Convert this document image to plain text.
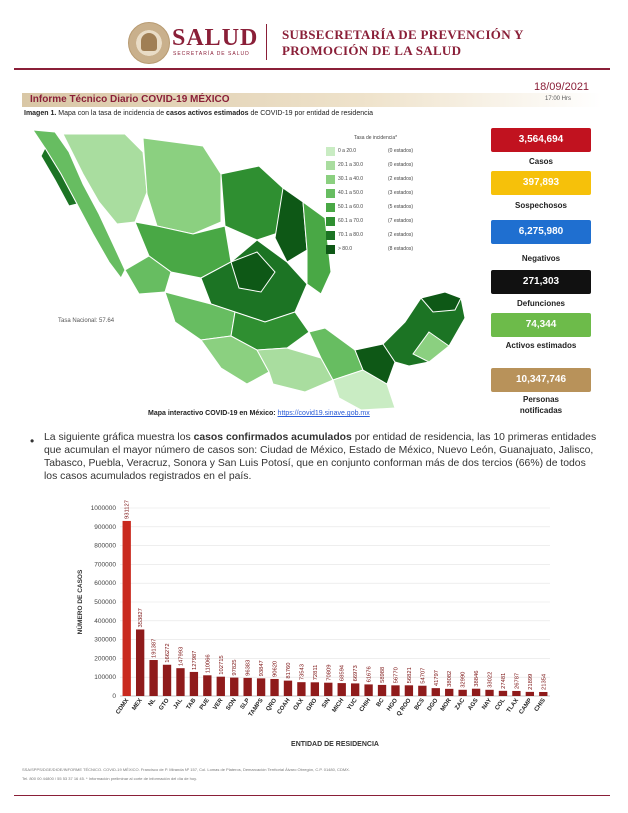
SALUD
SECRETARÍA DE SALUD
SUBSECRETARÍA DE PREVENCIÓN Y
PROMOCIÓN DE LA SALUD
Informe Técnico Diario COVID-19 MÉXICO
18/09/2021
17:00 Hrs
Imagen 1. Mapa con la tasa de incidencia de casos activos estimados de COVID-19 por entidad de residencia
Tasa de incidencia*
0 a 20.0	(0 estados)
20.1 a 30.0	(0 estados)
30.1 a 40.0	(2 estados)
40.1 a 50.0	(3 estados)
50.1 a 60.0	(5 estados)
60.1 a 70.0	(7 estados)
70.1 a 80.0	(2 estados)
> 80.0	(8 estados)
Tasa Nacional: 57.64
3,564,694
Casos
397,893
Sospechosos
6,275,980
Negativos
271,303
Defunciones
74,344
Activos estimados
10,347,746
Personas notificadas
Mapa interactivo COVID-19 en México: https://covid19.sinave.gob.mx
• La siguiente gráfica muestra los casos confirmados acumulados por entidad de residencia, las 10 primeras entidades que acumulan el mayor número de casos son: Ciudad de México, Estado de México, Nuevo León, Guanajuato, Jalisco, Tabasco, Puebla, Veracruz, Sonora y San Luis Potosí, que en conjunto conforman más de dos tercios (66%) de todos los casos acumulados registrados en el país.
0
100000
200000
300000
400000
500000
600000
700000
800000
900000
1000000
NÚMERO DE CASOS
ENTIDAD DE RESIDENCIA
931127
CDMX
353827
MEX
191387
NL
166272
GTO
147993
JAL
127987
TAB
110066
PUE
102715
VER
97825
SON
96383
SLP
93847
TAMPS
90620
QRO
81760
COAH
73543
OAX
72811
GRO
70809
SIN
68594
MICH
66973
YUC
61676
CHIH
58988
BC
56770
HGO
56821
Q ROO
54707
BCS
41797
DGO
38082
MOR
32990
ZAC
38846
AGS
33022
NAY
27481
COL
26787
TLAX
21899
CAMP
21354
CHIS
SSA/SPPS/DGE/DIOE/INFORME TÉCNICO. COVID-19 MÉXICO. Francisco de P. Miranda Nº 157, Col. Lomas de Plateros, Demarcación Territorial Álvaro Obregón, C.P. 01480, CDMX.
Tel. 800 00 44800 / 55 53 37 16 45. * Información preliminar al corte de información del día de hoy.
